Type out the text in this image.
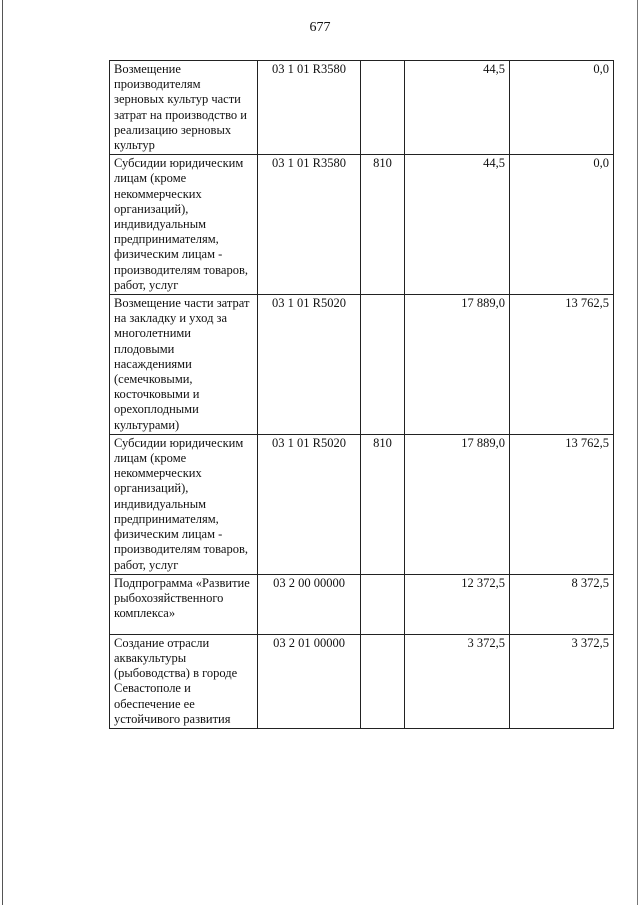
677
Возмещение производителям зерновых культур части затрат на производство и реализацию зерновых культур	03 1 01 R3580		44,5	0,0
Субсидии юридическим лицам (кроме некоммерческих организаций), индивидуальным предпринимателям, физическим лицам - производителям товаров, работ, услуг	03 1 01 R3580	810	44,5	0,0
Возмещение части затрат на закладку и уход за многолетними плодовыми насаждениями (семечковыми, косточковыми и орехоплодными культурами)	03 1 01 R5020		17 889,0	13 762,5
Субсидии юридическим лицам (кроме некоммерческих организаций), индивидуальным предпринимателям, физическим лицам - производителям товаров, работ, услуг	03 1 01 R5020	810	17 889,0	13 762,5
Подпрограмма «Развитие рыбохозяйственного комплекса»	03 2 00 00000		12 372,5	8 372,5
Создание отрасли аквакультуры (рыбоводства) в городе Севастополе и обеспечение ее устойчивого развития	03 2 01 00000		3 372,5	3 372,5
